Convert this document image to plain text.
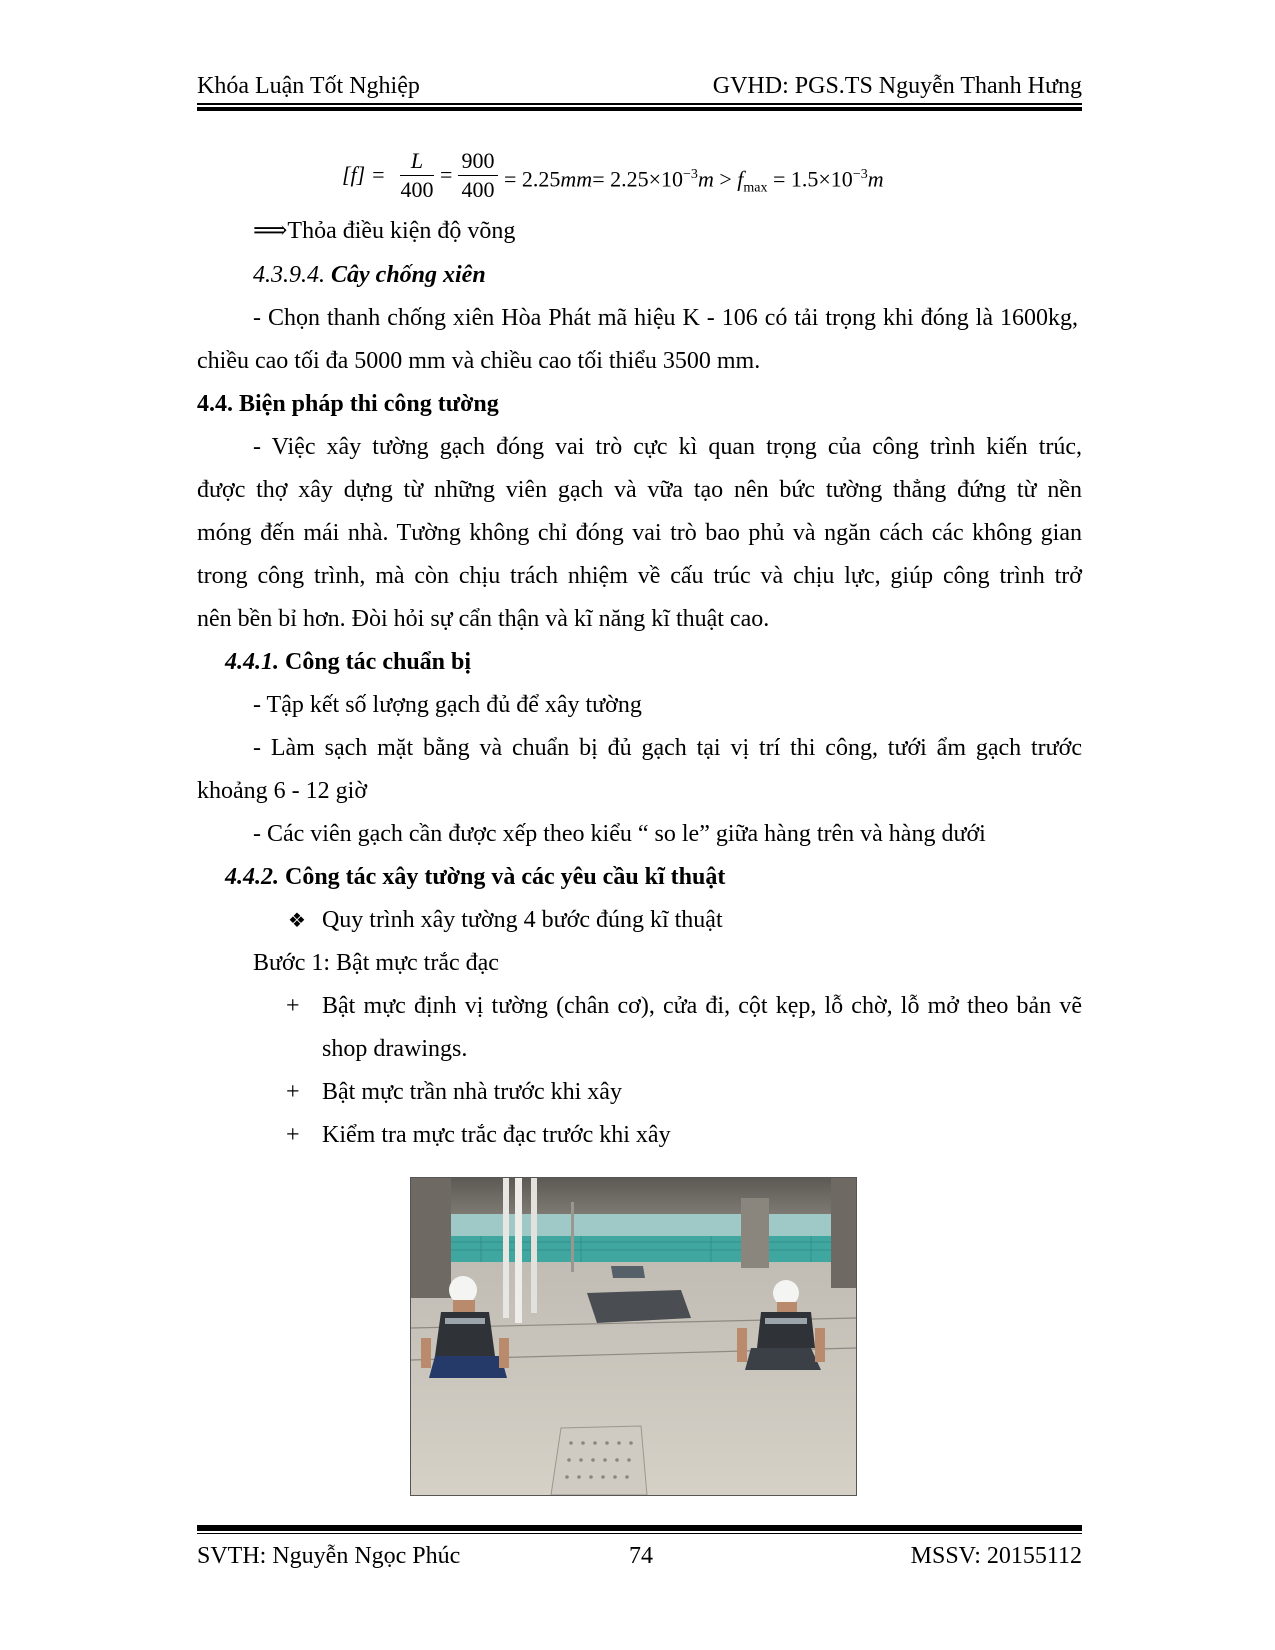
Khóa Luận Tốt Nghiệp	GVHD: PGS.TS Nguyễn Thanh Hưng
$[f] = \frac{L}{400} = \frac{900}{400} = 2.25mm= 2.25\times 10^{-3}m > f_{max} = 1.5\times 10^{-3}m$
⟹Thỏa điều kiện độ võng
4.3.9.4. Cây chống xiên
- Chọn thanh chống xiên Hòa Phát mã hiệu K - 106 có tải trọng khi đóng là 1600kg,
chiều cao tối đa 5000 mm và chiều cao tối thiểu 3500 mm.
4.4. Biện pháp thi công tường
- Việc xây tường gạch đóng vai trò cực kì quan trọng của công trình kiến trúc,
được thợ xây dựng từ những viên gạch và vữa tạo nên bức tường thẳng đứng từ nền
móng đến mái nhà. Tường không chỉ đóng vai trò bao phủ và ngăn cách các không gian
trong công trình, mà còn chịu trách nhiệm về cấu trúc và chịu lực, giúp công trình trở
nên bền bỉ hơn. Đòi hỏi sự cẩn thận và kĩ năng kĩ thuật cao.
4.4.1. Công tác chuẩn bị
- Tập kết số lượng gạch đủ để xây tường
- Làm sạch mặt bằng và chuẩn bị đủ gạch tại vị trí thi công, tưới ẩm gạch trước
khoảng 6 - 12 giờ
- Các viên gạch cần được xếp theo kiểu “ so le” giữa hàng trên và hàng dưới
4.4.2. Công tác xây tường và các yêu cầu kĩ thuật
❖ Quy trình xây tường 4 bước đúng kĩ thuật
Bước 1: Bật mực trắc đạc
+ Bật mực định vị tường (chân cơ), cửa đi, cột kẹp, lỗ chờ, lỗ mở theo bản vẽ
shop drawings.
+ Bật mực trần nhà trước khi xây
+ Kiểm tra mực trắc đạc trước khi xây
SVTH: Nguyễn Ngọc Phúc	74	MSSV: 20155112
